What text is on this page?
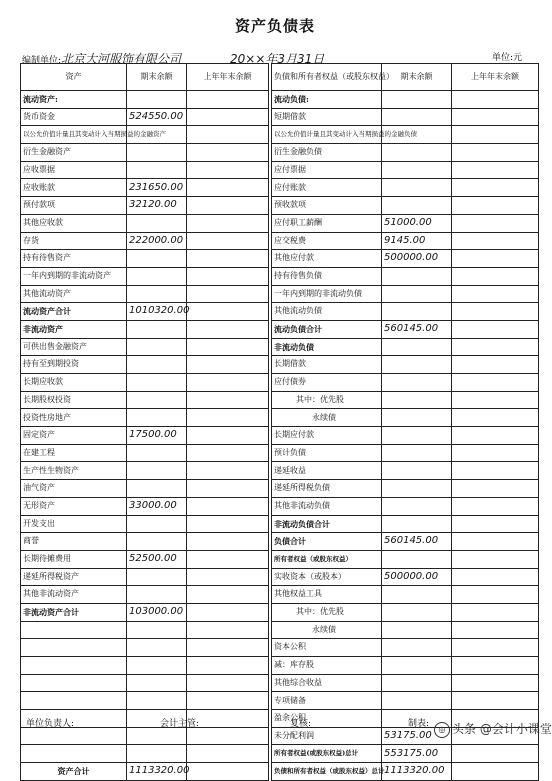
资产负债表
编制单位:北京大河服饰有限公司	20××年3月31日	单位:元
资产	期末余额	上年年末余额		负债和所有者权益（或股东权益）	期末余额	上年年末余额
流动资产:				流动负债:		
货币资金	524550.00			短期借款		
以公允价值计量且其变动计入当期损益的金融资产				以公允价值计量且其变动计入当期损益的金融负债		
衍生金融资产				衍生金融负债		
应收票据				应付票据		
应收账款	231650.00			应付账款		
预付款项	32120.00			预收款项		
其他应收款				应付职工薪酬	51000.00	
存货	222000.00			应交税费	9145.00	
持有待售资产				其他应付款	500000.00	
一年内到期的非流动资产				持有待售负债		
其他流动资产				一年内到期的非流动负债		
流动资产合计	1010320.00			其他流动负债		
非流动资产				流动负债合计	560145.00	
可供出售金融资产				非流动负债		
持有至到期投资				长期借款		
长期应收款				应付债券		
长期股权投资				其中：优先股		
投资性房地产				永续债		
固定资产	17500.00			长期应付款		
在建工程				预计负债		
生产性生物资产				递延收益		
油气资产				递延所得税负债		
无形资产	33000.00			其他非流动负债		
开发支出				非流动负债合计		
商誉				负债合计	560145.00	
长期待摊费用	52500.00			所有者权益（或股东权益）		
递延所得税资产				实收资本（或股本）	500000.00	
其他非流动资产				其他权益工具		
非流动资产合计	103000.00			其中：优先股		
				永续债		
				资本公积		
				减：库存股		
				其他综合收益		
				专项储备		
				盈余公积		
				未分配利润	53175.00	
				所有者权益(或股东权益)总计	553175.00	
资产合计	1113320.00			负债和所有者权益（或股东权益）总计	1113320.00	
单位负责人:	会计主管:	复核:	制表:	◎ 头条 @会计小课堂
